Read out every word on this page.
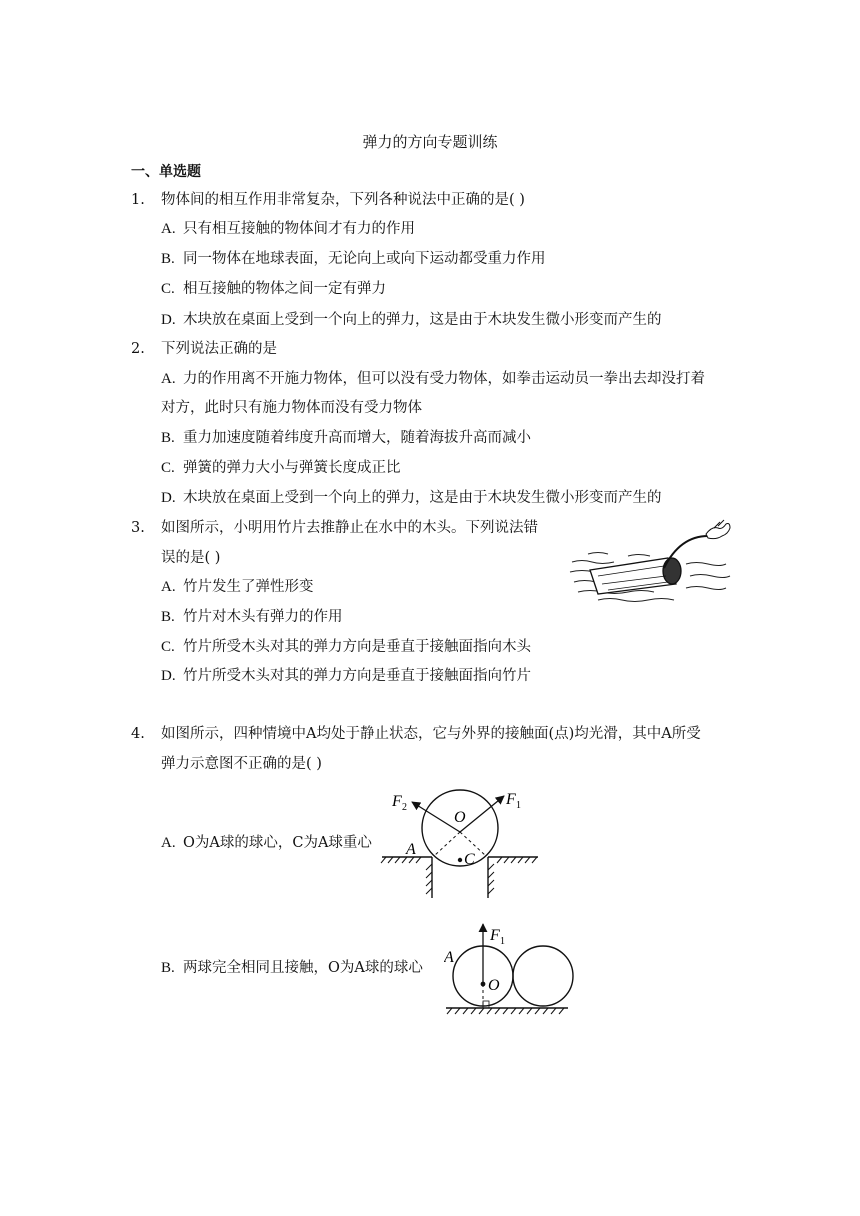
弹力的方向专题训练
一、单选题
1. 物体间的相互作用非常复杂，下列各种说法中正确的是( )
A. 只有相互接触的物体间才有力的作用
B. 同一物体在地球表面，无论向上或向下运动都受重力作用
C. 相互接触的物体之间一定有弹力
D. 木块放在桌面上受到一个向上的弹力，这是由于木块发生微小形变而产生的
2. 下列说法正确的是
A. 力的作用离不开施力物体，但可以没有受力物体，如拳击运动员一拳出去却没打着
对方，此时只有施力物体而没有受力物体
B. 重力加速度随着纬度升高而增大，随着海拔升高而减小
C. 弹簧的弹力大小与弹簧长度成正比
D. 木块放在桌面上受到一个向上的弹力，这是由于木块发生微小形变而产生的
3. 如图所示，小明用竹片去推静止在水中的木头。下列说法错
误的是( )
A. 竹片发生了弹性形变
B. 竹片对木头有弹力的作用
C. 竹片所受木头对其的弹力方向是垂直于接触面指向木头
D. 竹片所受木头对其的弹力方向是垂直于接触面指向竹片
4. 如图所示，四种情境中A均处于静止状态，它与外界的接触面(点)均光滑，其中A所受
弹力示意图不正确的是( )
A. O为A球的球心，C为A球重心
B. 两球完全相同且接触，O为A球的球心
F 2	F 1
O
A
C
F 1
A
O
